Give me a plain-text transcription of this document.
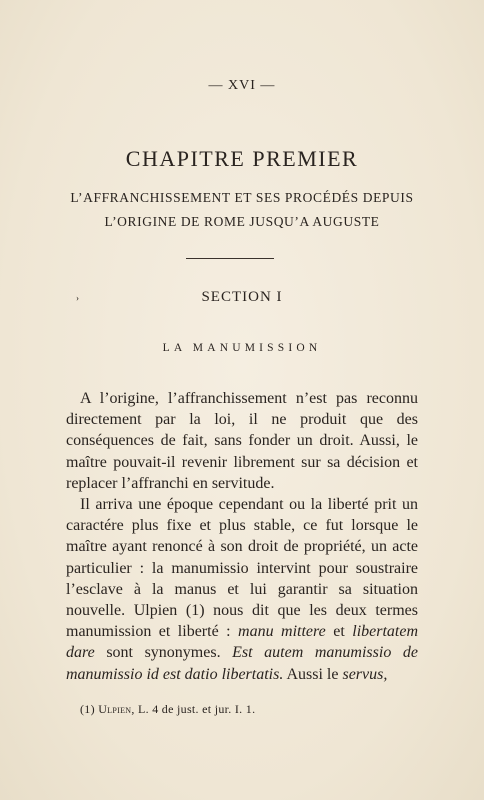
— XVI —
CHAPITRE PREMIER
L’AFFRANCHISSEMENT ET SES PROCÉDÉS DEPUIS
L’ORIGINE DE ROME JUSQU’A AUGUSTE
›	SECTION I
LA MANUMISSION

A l’origine, l’affranchissement n’est pas reconnu directement par la loi, il ne produit que des conséquences de fait, sans fonder un droit. Aussi, le maître pouvait-il revenir librement sur sa décision et replacer l’affranchi en servitude.

Il arriva une époque cependant ou la liberté prit un caractére plus fixe et plus stable, ce fut lorsque le maître ayant renoncé à son droit de propriété, un acte particulier : la manumissio intervint pour soustraire l’esclave à la manus et lui garantir sa situation nouvelle. Ulpien (1) nous dit que les deux termes manumission et liberté : manu mittere et libertatem dare sont synonymes. Est autem manumissio de manumissio id est datio libertatis. Aussi le servus,

(1) Ulpien, L. 4 de just. et jur. I. 1.
